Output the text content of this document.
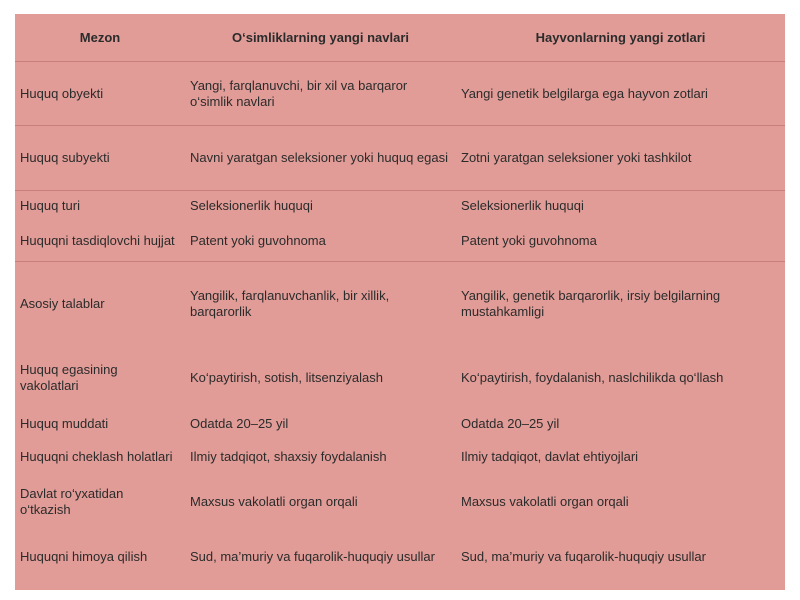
Mezon	O‘simliklarning yangi navlari	Hayvonlarning yangi zotlari
Huquq obyekti	Yangi, farqlanuvchi, bir xil va barqaror o‘simlik navlari	Yangi genetik belgilarga ega hayvon zotlari
Huquq subyekti	Navni yaratgan seleksioner yoki huquq egasi	Zotni yaratgan seleksioner yoki tashkilot
Huquq turi	Seleksionerlik huquqi	Seleksionerlik huquqi
Huquqni tasdiqlovchi hujjat	Patent yoki guvohnoma	Patent yoki guvohnoma
Asosiy talablar	Yangilik, farqlanuvchanlik, bir xillik, barqarorlik	Yangilik, genetik barqarorlik, irsiy belgilarning mustahkamligi
Huquq egasining vakolatlari	Ko‘paytirish, sotish, litsenziyalash	Ko‘paytirish, foydalanish, naslchilikda qo‘llash
Huquq muddati	Odatda 20–25 yil	Odatda 20–25 yil
Huquqni cheklash holatlari	Ilmiy tadqiqot, shaxsiy foydalanish	Ilmiy tadqiqot, davlat ehtiyojlari
Davlat ro‘yxatidan o‘tkazish	Maxsus vakolatli organ orqali	Maxsus vakolatli organ orqali
Huquqni himoya qilish	Sud, ma’muriy va fuqarolik-huquqiy usullar	Sud, ma’muriy va fuqarolik-huquqiy usullar
